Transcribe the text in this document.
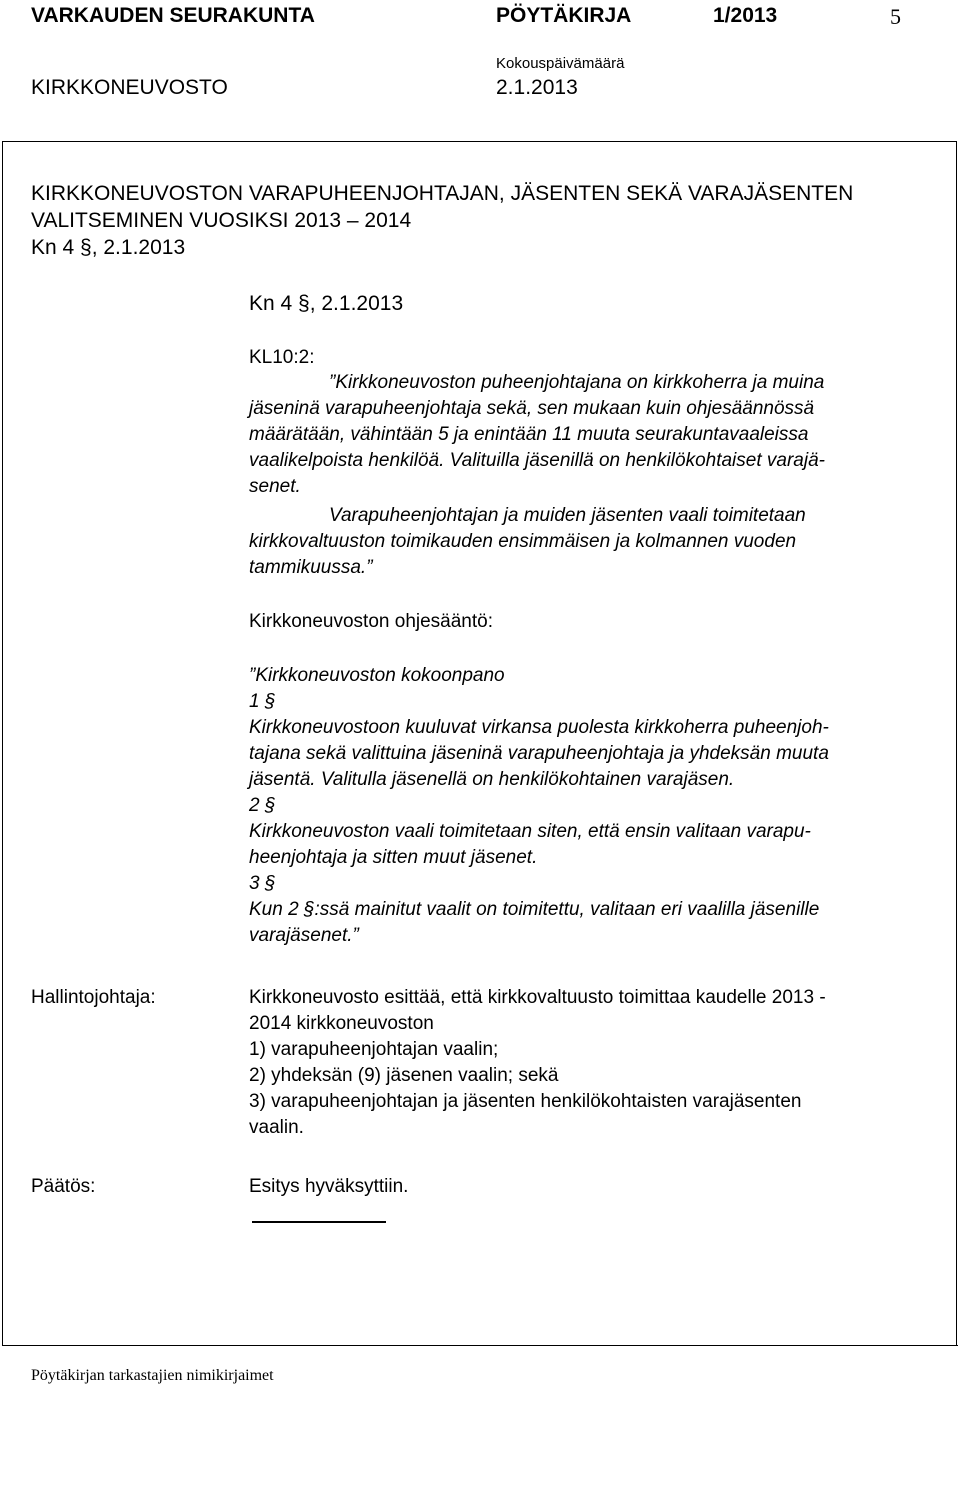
VARKAUDEN SEURAKUNTA	PÖYTÄKIRJA	1/2013	5
Kokouspäivämäärä
KIRKKONEUVOSTO	2.1.2013
KIRKKONEUVOSTON VARAPUHEENJOHTAJAN, JÄSENTEN SEKÄ VARAJÄSENTEN
VALITSEMINEN VUOSIKSI 2013 – 2014
Kn 4 §, 2.1.2013
Kn 4 §, 2.1.2013
KL10:2:
”Kirkkoneuvoston puheenjohtajana on kirkkoherra ja muina
jäseninä varapuheenjohtaja sekä, sen mukaan kuin ohjesäännössä
määrätään, vähintään 5 ja enintään 11 muuta seurakuntavaaleissa
vaalikelpoista henkilöä. Valituilla jäsenillä on henkilökohtaiset varajä-
senet.
Varapuheenjohtajan ja muiden jäsenten vaali toimitetaan
kirkkovaltuuston toimikauden ensimmäisen ja kolmannen vuoden
tammikuussa.”
Kirkkoneuvoston ohjesääntö:
”Kirkkoneuvoston kokoonpano
1 §
Kirkkoneuvostoon kuuluvat virkansa puolesta kirkkoherra puheenjoh-
tajana sekä valittuina jäseninä varapuheenjohtaja ja yhdeksän muuta
jäsentä. Valitulla jäsenellä on henkilökohtainen varajäsen.
2 §
Kirkkoneuvoston vaali toimitetaan siten, että ensin valitaan varapu-
heenjohtaja ja sitten muut jäsenet.
3 §
Kun 2 §:ssä mainitut vaalit on toimitettu, valitaan eri vaalilla jäsenille
varajäsenet.”
Hallintojohtaja:	Kirkkoneuvosto esittää, että kirkkovaltuusto toimittaa kaudelle 2013 -
2014 kirkkoneuvoston
1) varapuheenjohtajan vaalin;
2) yhdeksän (9) jäsenen vaalin; sekä
3) varapuheenjohtajan ja jäsenten henkilökohtaisten varajäsenten
vaalin.
Päätös:	Esitys hyväksyttiin.
Pöytäkirjan tarkastajien nimikirjaimet
